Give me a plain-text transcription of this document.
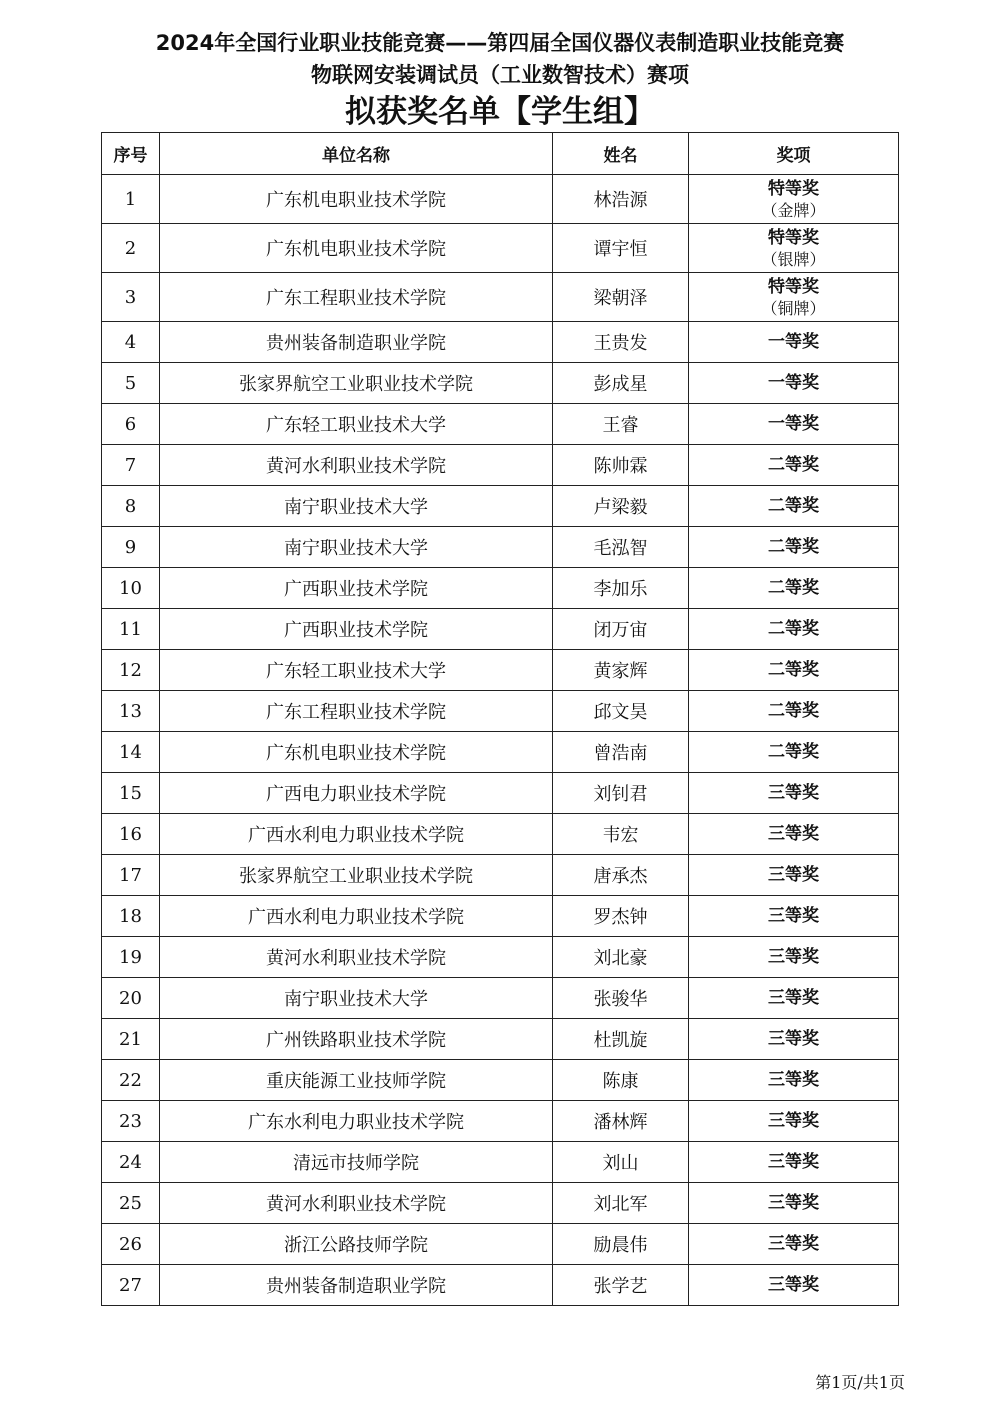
2024年全国行业职业技能竞赛——第四届全国仪器仪表制造职业技能竞赛
物联网安装调试员（工业数智技术）赛项
拟获奖名单【学生组】
序号	单位名称	姓名	奖项
1	广东机电职业技术学院	林浩源	特等奖
（金牌）

2	广东机电职业技术学院	谭宇恒	特等奖
（银牌）

3	广东工程职业技术学院	梁朝泽	特等奖
（铜牌）

4	贵州装备制造职业学院	王贵发	一等奖

5	张家界航空工业职业技术学院	彭成星	一等奖

6	广东轻工职业技术大学	王睿	一等奖

7	黄河水利职业技术学院	陈帅霖	二等奖

8	南宁职业技术大学	卢梁毅	二等奖

9	南宁职业技术大学	毛泓智	二等奖

10	广西职业技术学院	李加乐	二等奖

11	广西职业技术学院	闭万宙	二等奖

12	广东轻工职业技术大学	黄家辉	二等奖

13	广东工程职业技术学院	邱文昊	二等奖

14	广东机电职业技术学院	曾浩南	二等奖

15	广西电力职业技术学院	刘钊君	三等奖

16	广西水利电力职业技术学院	韦宏	三等奖

17	张家界航空工业职业技术学院	唐承杰	三等奖

18	广西水利电力职业技术学院	罗杰钟	三等奖

19	黄河水利职业技术学院	刘北豪	三等奖

20	南宁职业技术大学	张骏华	三等奖

21	广州铁路职业技术学院	杜凯旋	三等奖

22	重庆能源工业技师学院	陈康	三等奖

23	广东水利电力职业技术学院	潘林辉	三等奖

24	清远市技师学院	刘山	三等奖

25	黄河水利职业技术学院	刘北军	三等奖

26	浙江公路技师学院	励晨伟	三等奖

27	贵州装备制造职业学院	张学艺	三等奖
第1页/共1页
